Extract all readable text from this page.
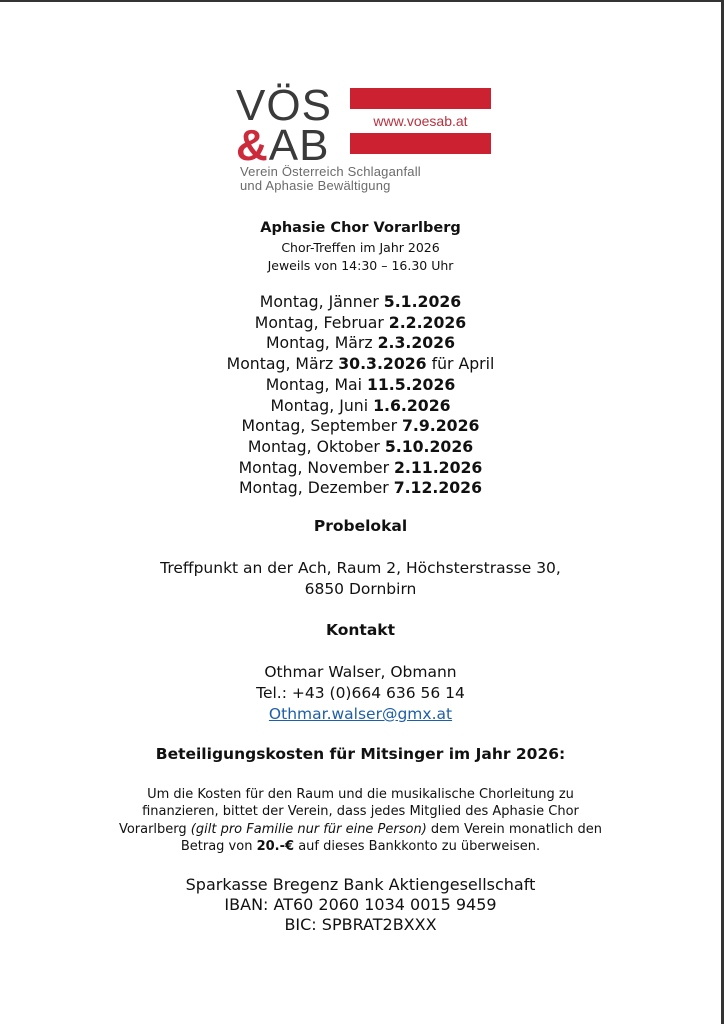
VÖS
&AB	www.voesab.at
Verein Österreich Schlaganfall
und Aphasie Bewältigung
Aphasie Chor Vorarlberg
Chor-Treffen im Jahr 2026
Jeweils von 14:30 – 16.30 Uhr
Montag, Jänner 5.1.2026
Montag, Februar 2.2.2026
Montag, März 2.3.2026
Montag, März 30.3.2026 für April
Montag, Mai 11.5.2026
Montag, Juni 1.6.2026
Montag, September 7.9.2026
Montag, Oktober 5.10.2026
Montag, November 2.11.2026
Montag, Dezember 7.12.2026
Probelokal
Treffpunkt an der Ach, Raum 2, Höchsterstrasse 30,
6850 Dornbirn
Kontakt
Othmar Walser, Obmann
Tel.: +43 (0)664 636 56 14
Othmar.walser@gmx.at
Beteiligungskosten für Mitsinger im Jahr 2026:
Um die Kosten für den Raum und die musikalische Chorleitung zu
finanzieren, bittet der Verein, dass jedes Mitglied des Aphasie Chor
Vorarlberg (gilt pro Familie nur für eine Person) dem Verein monatlich den
Betrag von 20.-€ auf dieses Bankkonto zu überweisen.
Sparkasse Bregenz Bank Aktiengesellschaft
IBAN: AT60 2060 1034 0015 9459
BIC: SPBRAT2BXXX
